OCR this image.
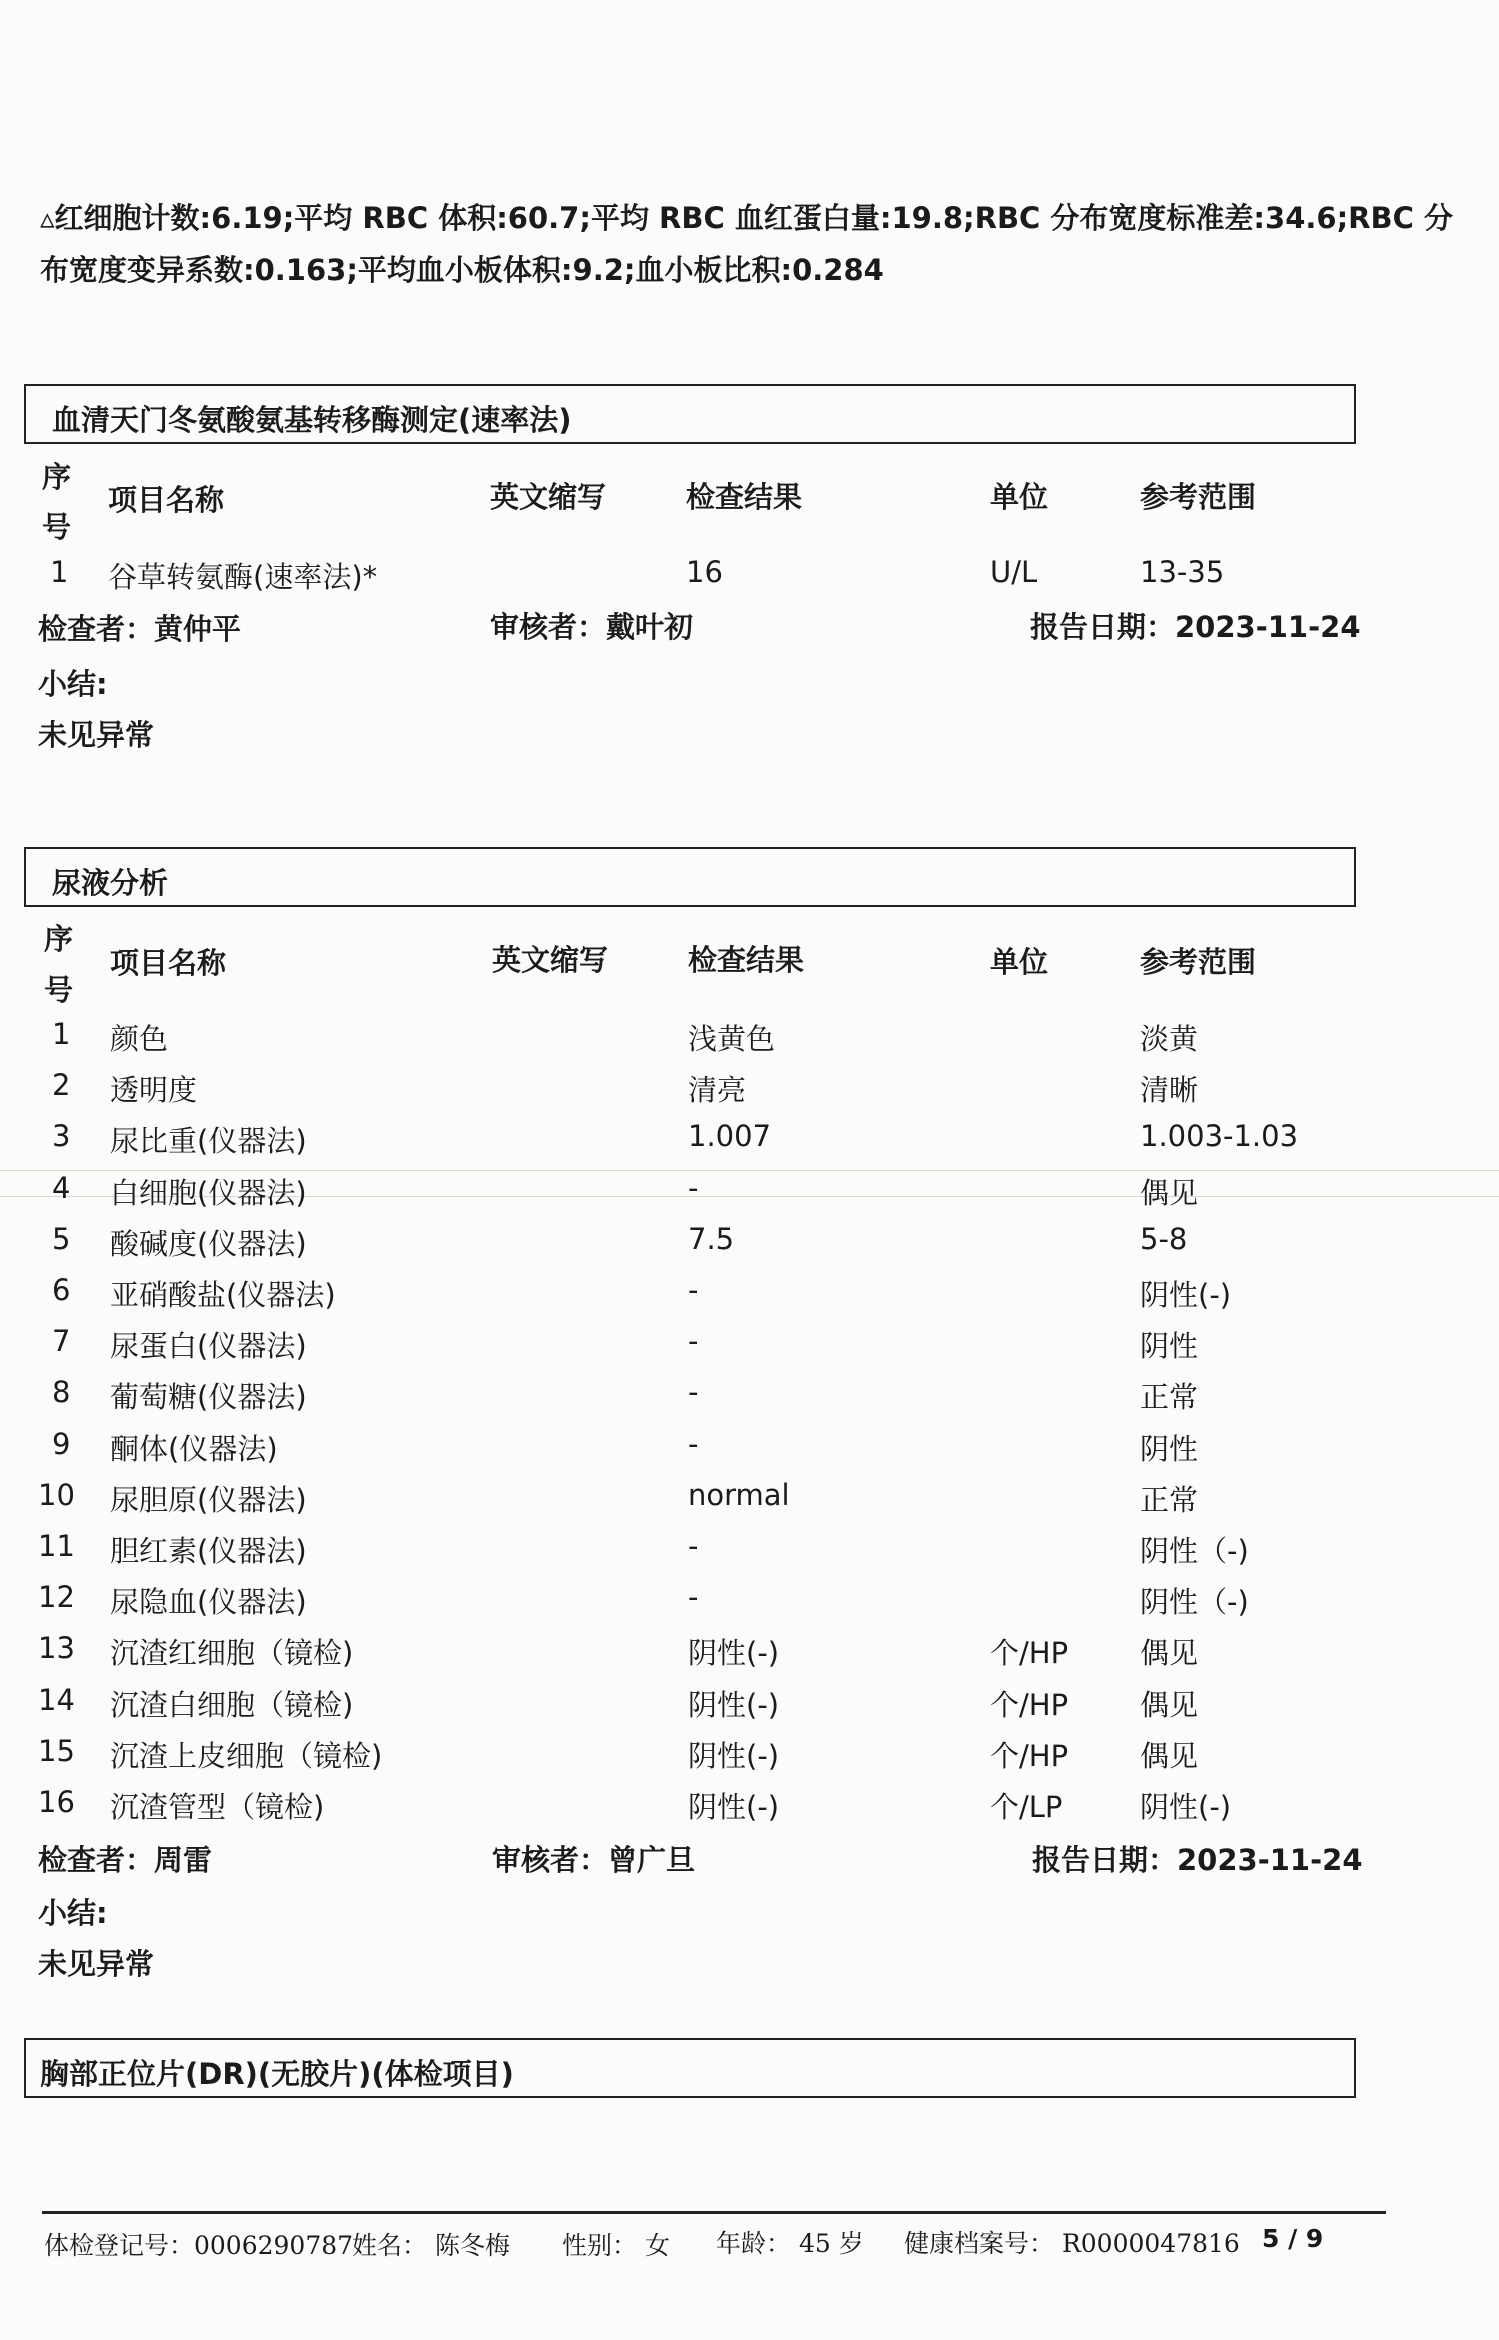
▵红细胞计数:6.19;平均 RBC 体积:60.7;平均 RBC 血红蛋白量:19.8;RBC 分布宽度标准差:34.6;RBC 分
布宽度变异系数:0.163;平均血小板体积:9.2;血小板比积:0.284
血清天门冬氨酸氨基转移酶测定(速率法)
序
号
项目名称	英文缩写	检查结果	单位	参考范围
1 谷草转氨酶(速率法)*	16	U/L	13-35
检查者：黄仲平	审核者：戴叶初	报告日期：2023-11-24
小结:
未见异常
尿液分析
序
号
项目名称	英文缩写	检查结果	单位	参考范围
1 颜色	浅黄色	淡黄
2 透明度	清亮	清晰
3 尿比重(仪器法)	1.007	1.003-1.03
4 白细胞(仪器法)	-	偶见
5 酸碱度(仪器法)	7.5	5-8
6 亚硝酸盐(仪器法)	-	阴性(-)
7 尿蛋白(仪器法)	-	阴性
8 葡萄糖(仪器法)	-	正常
9 酮体(仪器法)	-	阴性
10 尿胆原(仪器法)	normal	正常
11 胆红素(仪器法)	-	阴性（-)
12 尿隐血(仪器法)	-	阴性（-)
13 沉渣红细胞（镜检)	阴性(-)	个/HP 偶见
14 沉渣白细胞（镜检)	阴性(-)	个/HP 偶见
15 沉渣上皮细胞（镜检)	阴性(-)	个/HP 偶见
16 沉渣管型（镜检)	阴性(-)	个/LP	阴性(-)
检查者：周雷	审核者：曾广旦	报告日期：2023-11-24
小结:
未见异常
胸部正位片(DR)(无胶片)(体检项目)
体检登记号：0006290787
姓名： 陈冬梅 性别： 女 年龄： 45 岁 健康档案号： R0000047816 5 / 9
